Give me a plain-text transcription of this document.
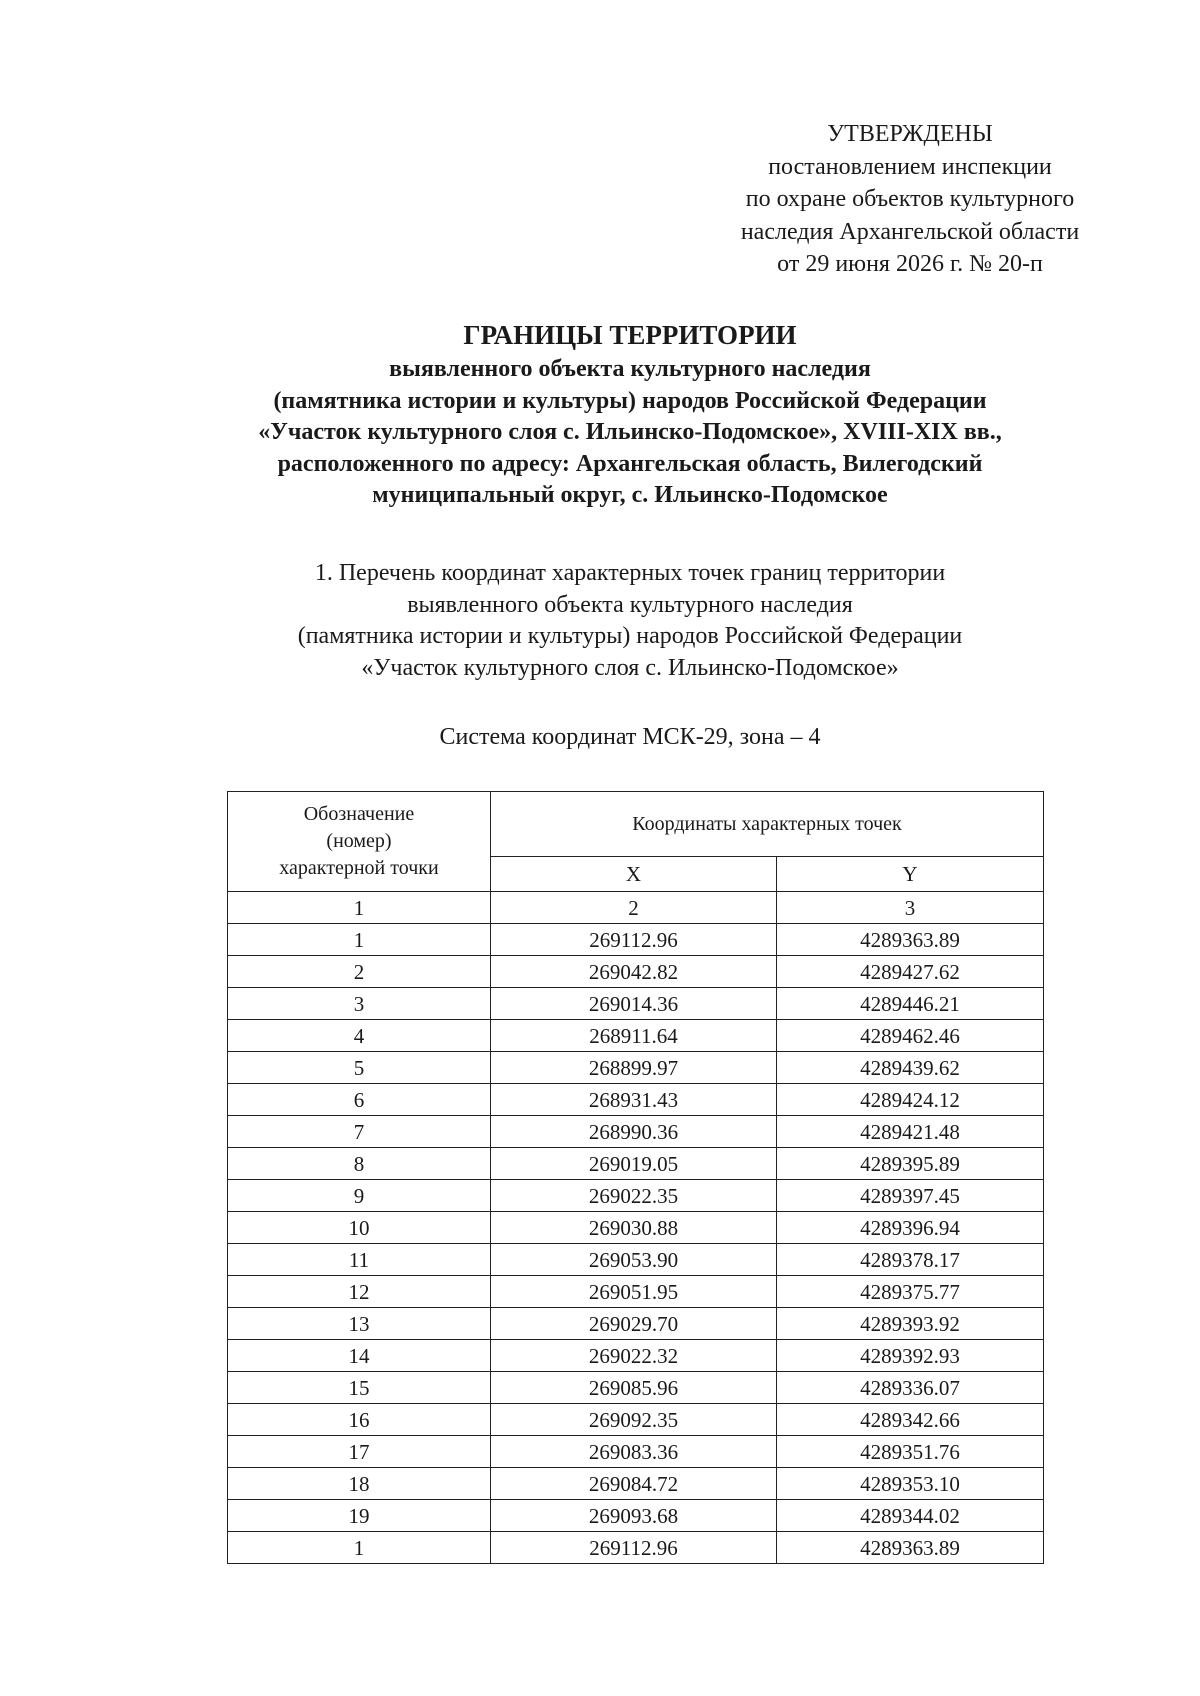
УТВЕРЖДЕНЫ
постановлением инспекции
по охране объектов культурного
наследия Архангельской области
от 29 июня 2026 г. № 20-п
ГРАНИЦЫ ТЕРРИТОРИИ
выявленного объекта культурного наследия
(памятника истории и культуры) народов Российской Федерации
«Участок культурного слоя с. Ильинско-Подомское», XVIII-XIX вв.,
расположенного по адресу: Архангельская область, Вилегодский
муниципальный округ, с. Ильинско-Подомское
1. Перечень координат характерных точек границ территории
выявленного объекта культурного наследия
(памятника истории и культуры) народов Российской Федерации
«Участок культурного слоя с. Ильинско-Подомское»
Система координат МСК-29, зона – 4
Обозначение
(номер)
характерной точки	Координаты характерных точек	
	X	Y
1	2	3
1	269112.96	4289363.89
2	269042.82	4289427.62
3	269014.36	4289446.21
4	268911.64	4289462.46
5	268899.97	4289439.62
6	268931.43	4289424.12
7	268990.36	4289421.48
8	269019.05	4289395.89
9	269022.35	4289397.45
10	269030.88	4289396.94
11	269053.90	4289378.17
12	269051.95	4289375.77
13	269029.70	4289393.92
14	269022.32	4289392.93
15	269085.96	4289336.07
16	269092.35	4289342.66
17	269083.36	4289351.76
18	269084.72	4289353.10
19	269093.68	4289344.02
1	269112.96	4289363.89
